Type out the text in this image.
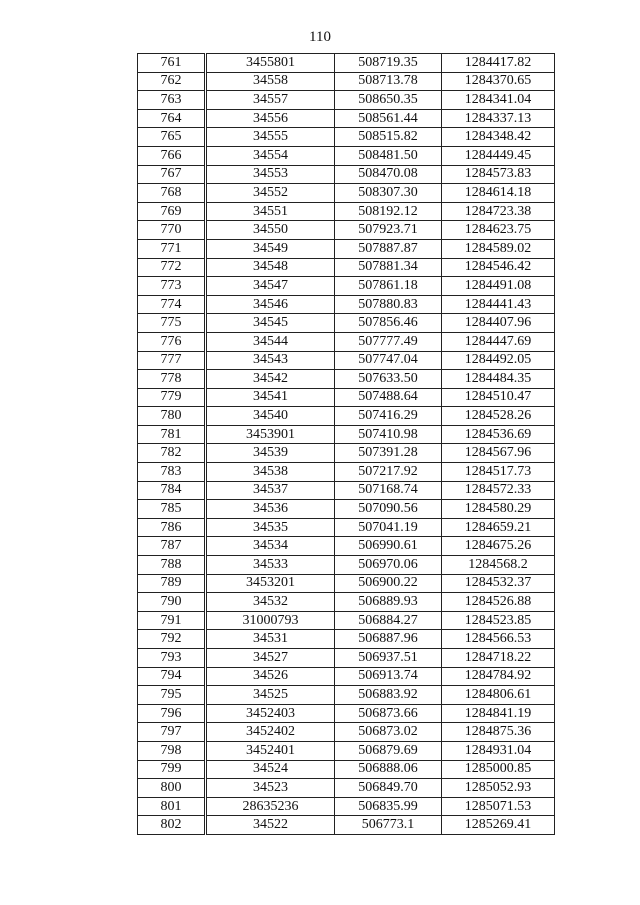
110
761	3455801	508719.35	1284417.82
762	34558	508713.78	1284370.65
763	34557	508650.35	1284341.04
764	34556	508561.44	1284337.13
765	34555	508515.82	1284348.42
766	34554	508481.50	1284449.45
767	34553	508470.08	1284573.83
768	34552	508307.30	1284614.18
769	34551	508192.12	1284723.38
770	34550	507923.71	1284623.75
771	34549	507887.87	1284589.02
772	34548	507881.34	1284546.42
773	34547	507861.18	1284491.08
774	34546	507880.83	1284441.43
775	34545	507856.46	1284407.96
776	34544	507777.49	1284447.69
777	34543	507747.04	1284492.05
778	34542	507633.50	1284484.35
779	34541	507488.64	1284510.47
780	34540	507416.29	1284528.26
781	3453901	507410.98	1284536.69
782	34539	507391.28	1284567.96
783	34538	507217.92	1284517.73
784	34537	507168.74	1284572.33
785	34536	507090.56	1284580.29
786	34535	507041.19	1284659.21
787	34534	506990.61	1284675.26
788	34533	506970.06	1284568.2
789	3453201	506900.22	1284532.37
790	34532	506889.93	1284526.88
791	31000793	506884.27	1284523.85
792	34531	506887.96	1284566.53
793	34527	506937.51	1284718.22
794	34526	506913.74	1284784.92
795	34525	506883.92	1284806.61
796	3452403	506873.66	1284841.19
797	3452402	506873.02	1284875.36
798	3452401	506879.69	1284931.04
799	34524	506888.06	1285000.85
800	34523	506849.70	1285052.93
801	28635236	506835.99	1285071.53
802	34522	506773.1	1285269.41
